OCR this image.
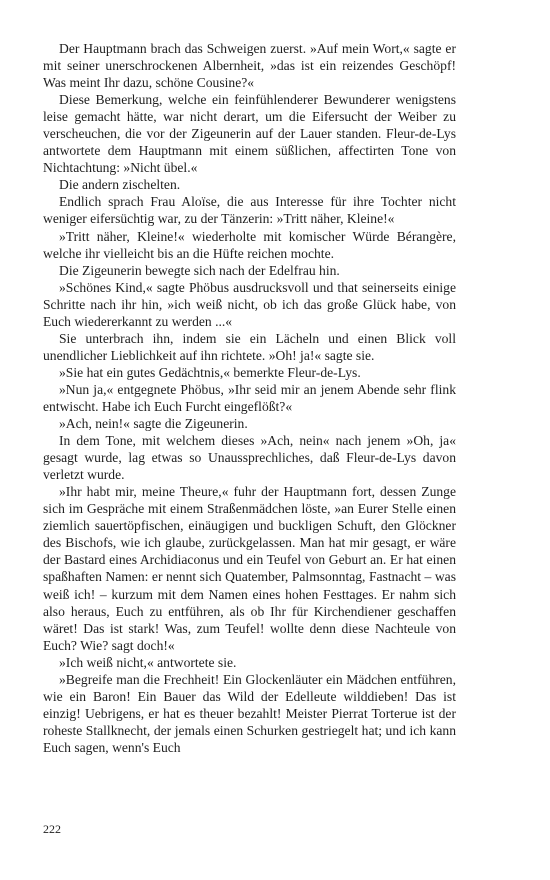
Der Hauptmann brach das Schweigen zuerst. »Auf mein Wort,« sagte er mit seiner unerschrockenen Albernheit, »das ist ein reizendes Geschöpf! Was meint Ihr dazu, schöne Cousine?«

Diese Bemerkung, welche ein feinfühlenderer Bewunderer wenigstens leise gemacht hätte, war nicht derart, um die Eifersucht der Weiber zu verscheuchen, die vor der Zigeunerin auf der Lauer standen. Fleur-de-Lys antwortete dem Hauptmann mit einem süßlichen, affectirten Tone von Nichtachtung: »Nicht übel.«

Die andern zischelten.

Endlich sprach Frau Aloïse, die aus Interesse für ihre Tochter nicht weniger eifersüchtig war, zu der Tänzerin: »Tritt näher, Kleine!«

»Tritt näher, Kleine!« wiederholte mit komischer Würde Bérangère, welche ihr vielleicht bis an die Hüfte reichen mochte.

Die Zigeunerin bewegte sich nach der Edelfrau hin.

»Schönes Kind,« sagte Phöbus ausdrucksvoll und that seinerseits einige Schritte nach ihr hin, »ich weiß nicht, ob ich das große Glück habe, von Euch wiedererkannt zu werden ...«

Sie unterbrach ihn, indem sie ein Lächeln und einen Blick voll unendlicher Lieblichkeit auf ihn richtete. »Oh! ja!« sagte sie.

»Sie hat ein gutes Gedächtnis,« bemerkte Fleur-de-Lys.

»Nun ja,« entgegnete Phöbus, »Ihr seid mir an jenem Abende sehr flink entwischt. Habe ich Euch Furcht eingeflößt?«

»Ach, nein!« sagte die Zigeunerin.

In dem Tone, mit welchem dieses »Ach, nein« nach jenem »Oh, ja« gesagt wurde, lag etwas so Unaussprechliches, daß Fleur-de-Lys davon verletzt wurde.

»Ihr habt mir, meine Theure,« fuhr der Hauptmann fort, dessen Zunge sich im Gespräche mit einem Straßenmädchen löste, »an Eurer Stelle einen ziemlich sauertöpfischen, einäugigen und buckligen Schuft, den Glöckner des Bischofs, wie ich glaube, zurückgelassen. Man hat mir gesagt, er wäre der Bastard eines Archidiaconus und ein Teufel von Geburt an. Er hat einen spaßhaften Namen: er nennt sich Quatember, Palmsonntag, Fastnacht – was weiß ich! – kurzum mit dem Namen eines hohen Festtages. Er nahm sich also heraus, Euch zu entführen, als ob Ihr für Kirchendiener geschaffen wäret! Das ist stark! Was, zum Teufel! wollte denn diese Nachteule von Euch? Wie? sagt doch!«

»Ich weiß nicht,« antwortete sie.

»Begreife man die Frechheit! Ein Glockenläuter ein Mädchen entführen, wie ein Baron! Ein Bauer das Wild der Edelleute wilddieben! Das ist einzig! Uebrigens, er hat es theuer bezahlt! Meister Pierrat Torterue ist der roheste Stallknecht, der jemals einen Schurken gestriegelt hat; und ich kann Euch sagen, wenn's Euch

222
